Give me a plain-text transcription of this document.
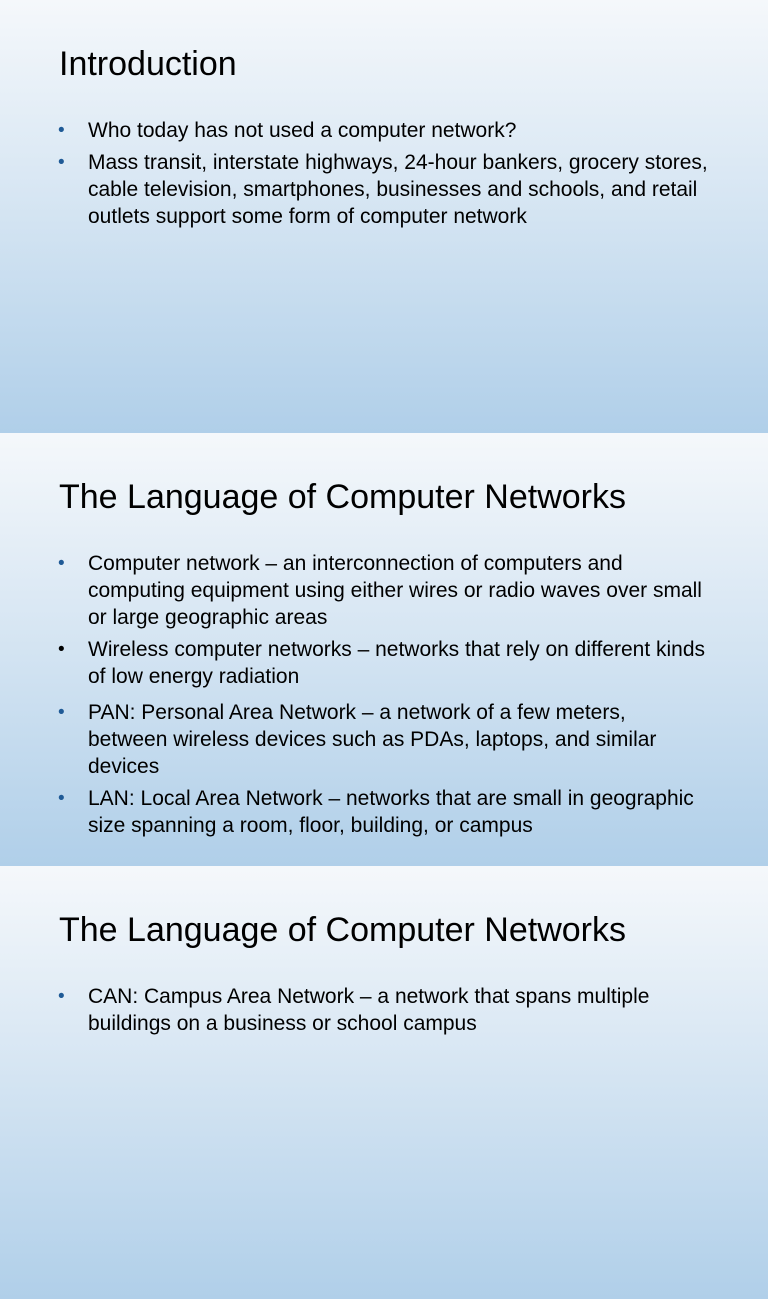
Introduction
• Who today has not used a computer network?
• Mass transit, interstate highways, 24-hour bankers, grocery stores, cable television, smartphones, businesses and schools, and retail outlets support some form of computer network
The Language of Computer Networks
• Computer network – an interconnection of computers and computing equipment using either wires or radio waves over small or large geographic areas
• Wireless computer networks – networks that rely on different kinds of low energy radiation
• PAN: Personal Area Network – a network of a few meters, between wireless devices such as PDAs, laptops, and similar devices
• LAN: Local Area Network – networks that are small in geographic size spanning a room, floor, building, or campus
The Language of Computer Networks
• CAN: Campus Area Network – a network that spans multiple buildings on a business or school campus
